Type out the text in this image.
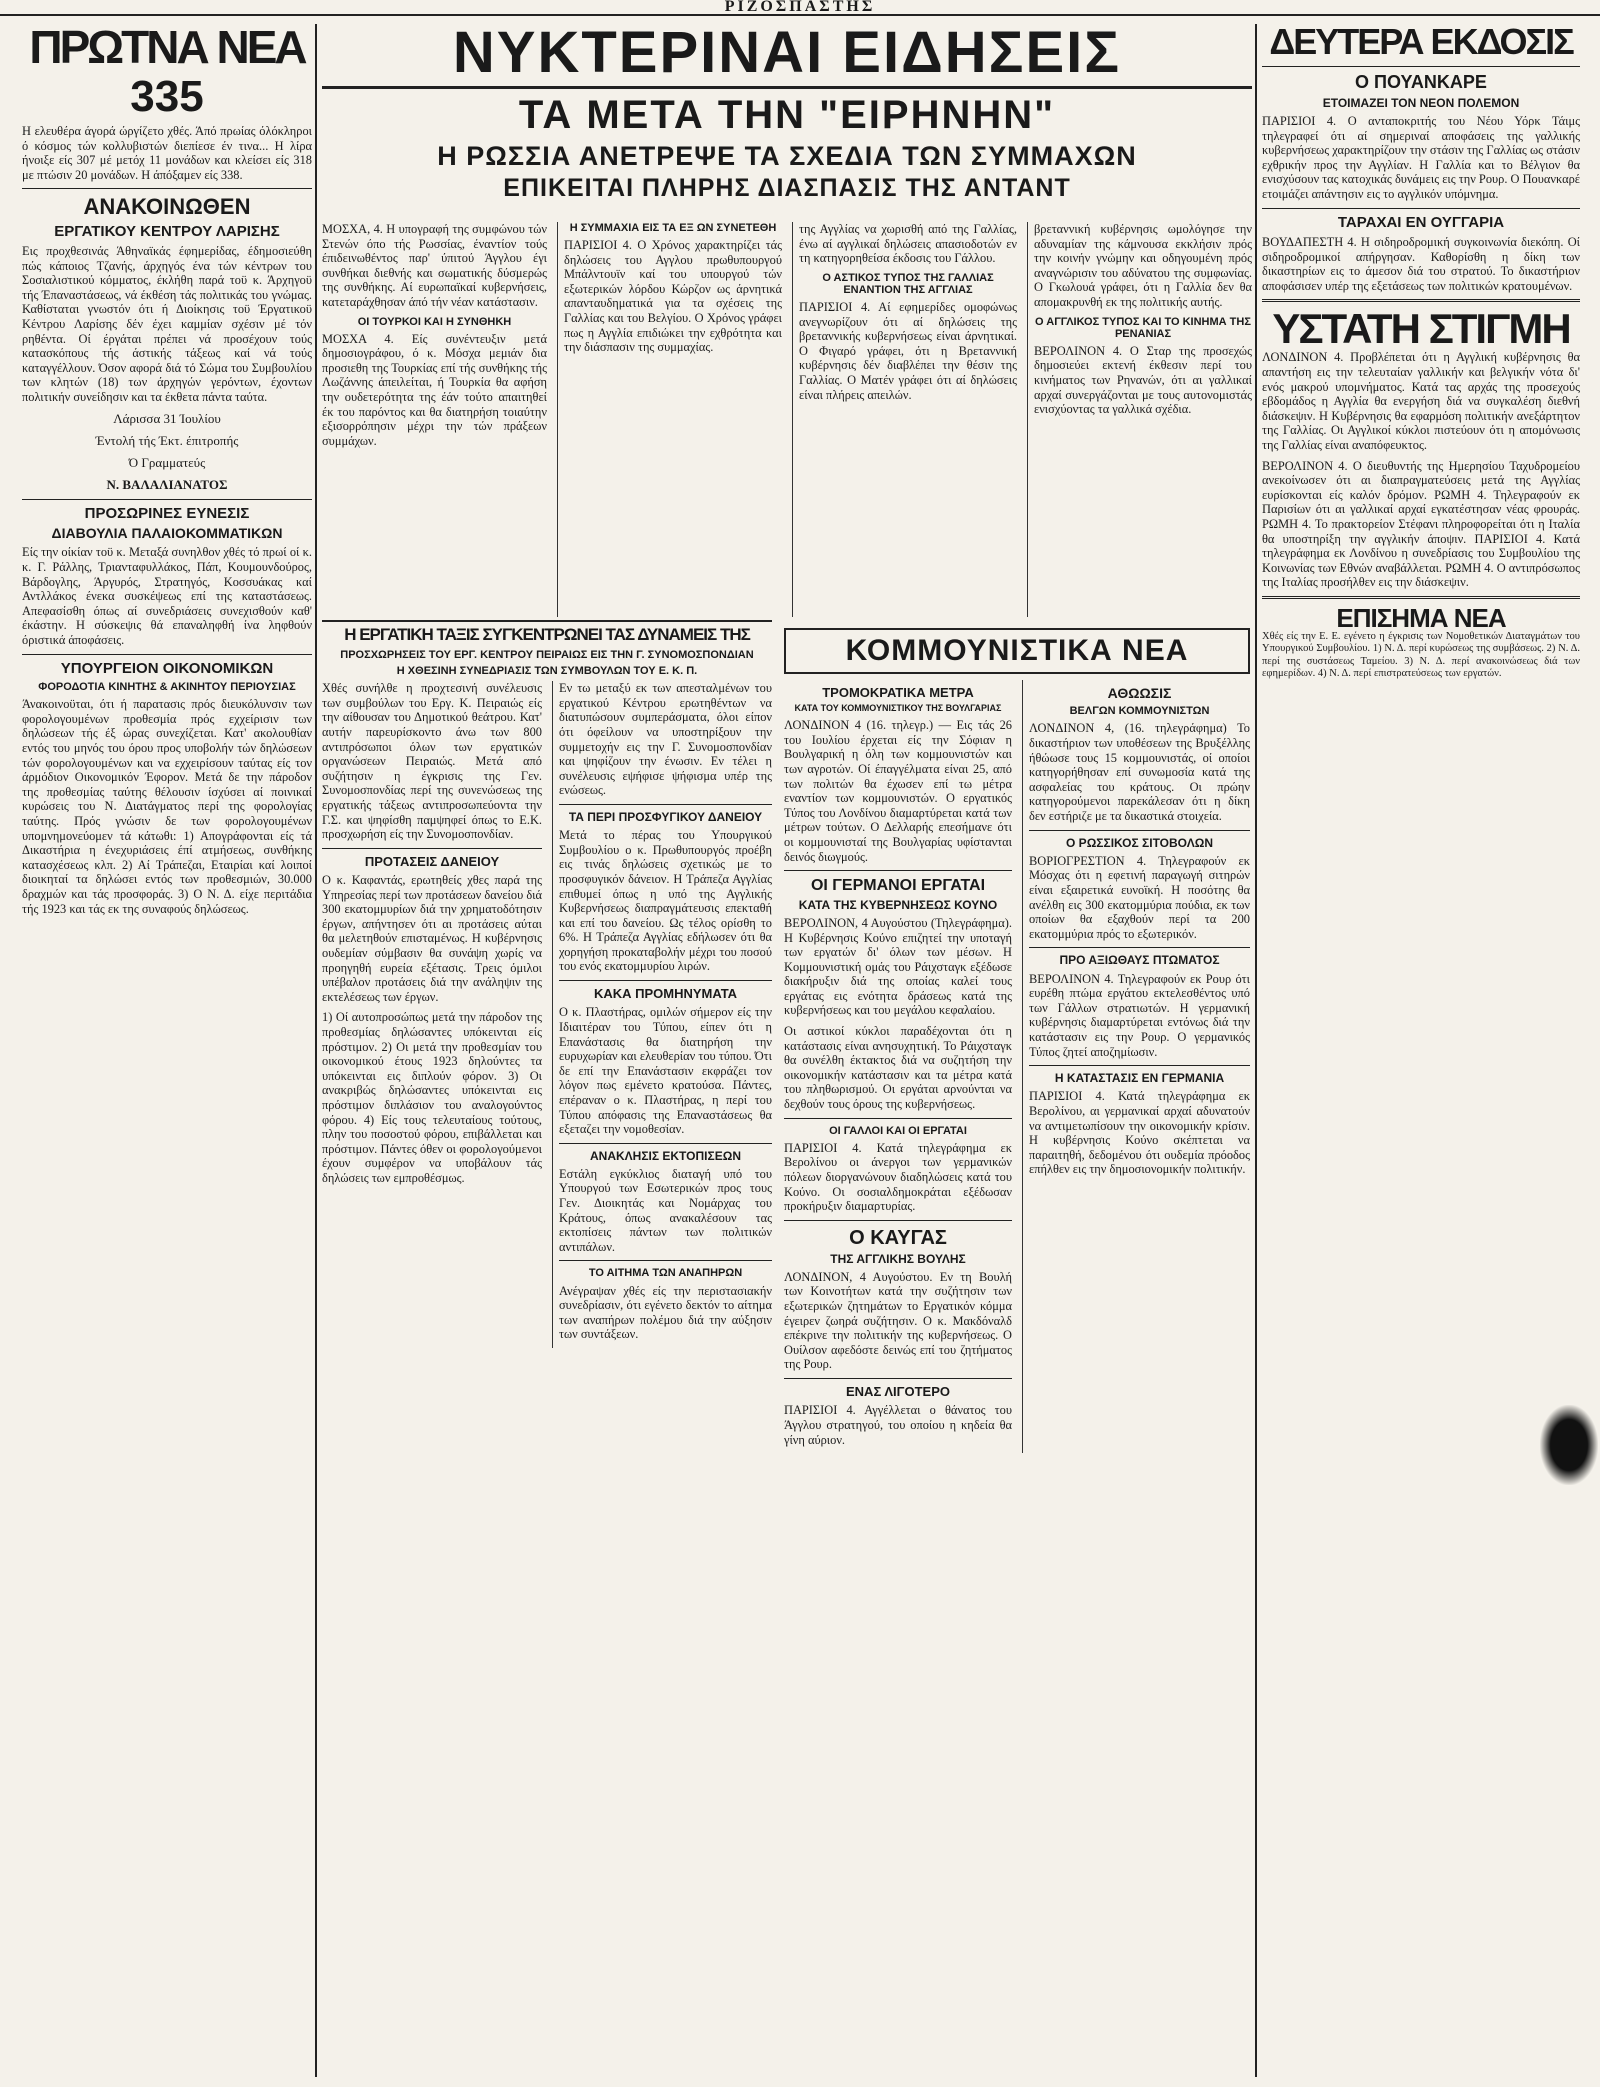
ΡΙΖΟΣΠΑΣΤΗΣ
ΠΡΩΤΝΑ ΝΕΑ
335

Η ελευθέρα άγορά ώργίζετο χθές. Άπό πρωίας όλόκληροι ό κόσμος τών κολλυβιστών διεπίεσε έν τινα... Η λίρα ήνοιξε είς 307 μέ μετόχ 11 μονάδων και κλείσει είς 318 με πτώσιν 20 μονάδων. Η άπόξαμεν είς 338.

ΑΝΑΚΟΙΝΩΘΕΝ
ΕΡΓΑΤΙΚΟΥ ΚΕΝΤΡΟΥ ΛΑΡΙΣΗΣ

Εις προχθεσινάς Άθηναϊκάς έφημερίδας, έδημοσιεύθη πώς κάποιος Τζανής, άρχηγός ένα τών κέντρων του Σοσιαλιστικού κόμματος, έκλήθη παρά τοϋ κ. Άρχηγοϋ τής Έπαναστάσεως, νά έκθέση τάς πολιτικάς του γνώμας. Καθίσταται γνωστόν ότι ή Διοίκησις τοϋ Έργατικοϋ Κέντρου Λαρίσης δέν έχει καμμίαν σχέσιν μέ τόν ρηθέντα. Οί έργάται πρέπει νά προσέχουν τούς κατασκόπους τής άστικής τάξεως καί νά τούς καταγγέλλουν. Όσον αφορά διά τό Σώμα του Συμβουλίου των κλητών (18) των άρχηγών γερόντων, έχοντων πολιτικήν συνείδησιν και τα έκθετα πάντα ταύτα.

Λάρισσα 31 Ίουλίου
Έντολή τής Έκτ. έπιτροπής
Ό Γραμματεύς
Ν. ΒΑΛΑΛΙΑΝΑΤΟΣ
ΠΡΟΣΩΡΙΝΕΣ ΕΥΝΕΣΙΣ
ΔΙΑΒΟΥΛΙΑ ΠΑΛΑΙΟΚΟΜΜΑΤΙΚΩΝ

Είς την οίκίαν τοϋ κ. Μεταξά συνηλθον χθές τό πρωί οί κ. κ. Γ. Ράλλης, Τριανταφυλλάκος, Πάπ, Κουμουνδούρος, Βάρδογλης, Άργυρός, Στρατηγός, Κοσσυάκας καί Αντλλάκος ένεκα συσκέψεως επί της καταστάσεως. Απεφασίσθη όπως αί συνεδριάσεις συνεχισθούν καθ' έκάστην. Η σύσκεψις θά επαναληφθή ίνα ληφθούν όριστικά άποφάσεις.

ΥΠΟΥΡΓΕΙΟΝ ΟΙΚΟΝΟΜΙΚΩΝ
ΦΟΡΟΔΟΤΙΑ ΚΙΝΗΤΗΣ & ΑΚΙΝΗΤΟΥ ΠΕΡΙΟΥΣΙΑΣ

Άνακοινοϋται, ότι ή παρατασις πρός διευκόλυνσιν των φορολογουμένων προθεσμία πρός εχχείρισιν των δηλώσεων τής έξ ώρας συνεχίζεται. Κατ' ακολουθίαν εντός του μηνός του όρου προς υποβολήν τών δηλώσεων τών φορολογουμένων και να εχχειρίσουν ταύτας είς τον άρμόδιον Οικονομικόν Έφορον. Μετά δε την πάροδον της προθεσμίας ταύτης θέλουσιν ίσχύσει αί ποινικαί κυρώσεις του Ν. Διατάγματος περί της φορολογίας ταύτης. Πρός γνώσιν δε των φορολογουμένων υπομνημονεύομεν τά κάτωθι: 1) Απογράφονται είς τά Δικαστήρια η ένεχυριάσεις έπί ατμήσεως, συνθήκης κατασχέσεως κλπ. 2) Αί Τράπεζαι, Εταιρίαι καί λοιποί διοικηταί τα δηλώσει εντός των προθεσμιών, 30.000 δραχμών και τάς προσφοράς. 3) Ο Ν. Δ. είχε περιτάδια τής 1923 και τάς εκ της συναφούς δηλώσεως.

ΝΥΚΤΕΡΙΝΑΙ ΕΙΔΗΣΕΙΣ
ΤΑ ΜΕΤΑ ΤΗΝ "ΕΙΡΗΝΗΝ"
Η ΡΩΣΣΙΑ ΑΝΕΤΡΕΨΕ ΤΑ ΣΧΕΔΙΑ ΤΩΝ ΣΥΜΜΑΧΩΝ
ΕΠΙΚΕΙΤΑΙ ΠΛΗΡΗΣ ΔΙΑΣΠΑΣΙΣ ΤΗΣ ΑΝΤΑΝΤ

ΜΟΣΧΑ, 4. Η υπογραφή της συμφώνου τών Στενών όπο τής Ρωσσίας, έναντίον τούς έπιδεινωθέντος παρ' ύπιτού Άγγλου έγι συνθήκαι διεθνής και σωματικής δύσμερώς της συνθήκης. Αί ευρωπαϊκαί κυβερνήσεις, κατεταράχθησαν άπό τήν νέαν κατάστασιν.

ΟΙ ΤΟΥΡΚΟΙ ΚΑΙ Η ΣΥΝΘΗΚΗ

ΜΟΣΧΑ 4. Είς συνέντευξιν μετά δημοσιογράφου, ό κ. Μόσχα μεμιάν δια προσιεθη της Τουρκίας επί τής συνθήκης τής Λωζάννης άπειλείται, ή Τουρκία θα αφήση την ουδετερότητα της έάν τούτο απαιτηθεί έκ του παρόντος και θα διατηρήση τοιαύτην εξισορρόπησιν μέχρι την τών πράξεων συμμάχων.

Η ΣΥΜΜΑΧΙΑ ΕΙΣ ΤΑ ΕΞ ΩΝ ΣΥΝΕΤΕΘΗ

ΠΑΡΙΣΙΟΙ 4. Ο Χρόνος χαρακτηρίζει τάς δηλώσεις του Αγγλου πρωθυπουργού Μπάλντουϊν καί του υπουργού τών εξωτερικών λόρδου Κώρζον ως άρνητικά απανταυδηματικά για τα σχέσεις της Γαλλίας και του Βελγίου. Ο Χρόνος γράφει πως η Αγγλία επιδιώκει την εχθρότητα και την διάσπασιν της συμμαχίας.

της Αγγλίας να χωρισθή από της Γαλλίας, ένω αί αγγλικαί δηλώσεις απασιοδοτών εν τη κατηγορηθείσα έκδοσις του Γάλλου.

Ο ΑΣΤΙΚΟΣ ΤΥΠΟΣ ΤΗΣ ΓΑΛΛΙΑΣ ΕΝΑΝΤΙΟΝ ΤΗΣ ΑΓΓΛΙΑΣ

ΠΑΡΙΣΙΟΙ 4. Αί εφημερίδες ομοφώνως ανεγνωρίζουν ότι αί δηλώσεις της βρεταννικής κυβερνήσεως είναι άρνητικαί. Ο Φιγαρό γράφει, ότι η Βρεταννική κυβέρνησις δέν διαβλέπει την θέσιν της Γαλλίας. Ο Ματέν γράφει ότι αί δηλώσεις είναι πλήρεις απειλών.

βρεταννική κυβέρνησις ωμολόγησε την αδυναμίαν της κάμνουσα εκκλήσιν πρός την κοινήν γνώμην και οδηγουμένη πρός αναγνώρισιν του αδύνατου της συμφωνίας. Ο Γκωλουά γράφει, ότι η Γαλλία δεν θα απομακρυνθή εκ της πολιτικής αυτής.

Ο ΑΓΓΛΙΚΟΣ ΤΥΠΟΣ ΚΑΙ ΤΟ ΚΙΝΗΜΑ ΤΗΣ ΡΕΝΑΝΙΑΣ

ΒΕΡΟΛΙΝΟΝ 4. Ο Σταρ της προσεχώς δημοσιεύει εκτενή έκθεσιν περί του κινήματος των Ρηνανών, ότι αι γαλλικαί αρχαί συνεργάζονται με τους αυτονομιστάς ενισχύοντας τα γαλλικά σχέδια.

Η ΕΡΓΑΤΙΚΗ ΤΑΞΙΣ ΣΥΓΚΕΝΤΡΩΝΕΙ ΤΑΣ ΔΥΝΑΜΕΙΣ ΤΗΣ
ΠΡΟΣΧΩΡΗΣΕΙΣ ΤΟΥ ΕΡΓ. ΚΕΝΤΡΟΥ ΠΕΙΡΑΙΩΣ ΕΙΣ ΤΗΝ Γ. ΣΥΝΟΜΟΣΠΟΝΔΙΑΝ
Η ΧΘΕΣΙΝΗ ΣΥΝΕΔΡΙΑΣΙΣ ΤΩΝ ΣΥΜΒΟΥΛΩΝ ΤΟΥ Ε. Κ. Π.

Χθές συνήλθε η προχτεσινή συνέλευσις των συμβούλων του Εργ. Κ. Πειραιώς είς την αίθουσαν του Δημοτικού θεάτρου. Κατ' αυτήν παρευρίσκοντο άνω των 800 αντιπρόσωποι όλων των εργατικών οργανώσεων Πειραιώς. Μετά από συζήτησιν η έγκρισις της Γεν. Συνομοσπονδίας περί της συνενώσεως της εργατικής τάξεως αντιπροσωπεύοντα την Γ.Σ. και ψηφίσθη παμψηφεί όπως το Ε.Κ. προσχωρήση είς την Συνομοσπονδίαν.

ΠΡΟΤΑΣΕΙΣ ΔΑΝΕΙΟΥ

Ο κ. Καφαντάς, ερωτηθείς χθες παρά της Υπηρεσίας περί των προτάσεων δανείου διά 300 εκατομμυρίων διά την χρηματοδότησιν έργων, απήντησεν ότι αι προτάσεις αύται θα μελετηθούν επισταμένως. Η κυβέρνησις ουδεμίαν σύμβασιν θα συνάψη χωρίς να προηγηθή ευρεία εξέτασις. Τρεις όμιλοι υπέβαλον προτάσεις διά την ανάληψιν της εκτελέσεως των έργων.

1) Οί αυτοπροσώπως μετά την πάροδον της προθεσμίας δηλώσαντες υπόκεινται είς πρόστιμον. 2) Οι μετά την προθεσμίαν του οικονομικού έτους 1923 δηλούντες τα υπόκεινται εις διπλούν φόρον. 3) Οι ανακριβώς δηλώσαντες υπόκεινται εις πρόστιμον διπλάσιον του αναλογούντος φόρου. 4) Είς τους τελευταίους τούτους, πλην του ποσοστού φόρου, επιβάλλεται και πρόστιμον. Πάντες όθεν οι φορολογούμενοι έχουν συμφέρον να υποβάλουν τάς δηλώσεις των εμπροθέσμως.

Εν τω μεταξύ εκ των απεσταλμένων του εργατικού Κέντρου ερωτηθέντων να διατυπώσουν συμπεράσματα, όλοι είπον ότι όφείλουν να υποστηρίξουν την συμμετοχήν εις την Γ. Συνομοσπονδίαν και ψηφίζουν την ένωσιν. Εν τέλει η συνέλευσις εψήφισε ψήφισμα υπέρ της ενώσεως.

ΤΑ ΠΕΡΙ ΠΡΟΣΦΥΓΙΚΟΥ ΔΑΝΕΙΟΥ

Μετά το πέρας του Υπουργικού Συμβουλίου ο κ. Πρωθυπουργός προέβη εις τινάς δηλώσεις σχετικώς με το προσφυγικόν δάνειον. Η Τράπεζα Αγγλίας επιθυμεί όπως η υπό της Αγγλικής Κυβερνήσεως διαπραγμάτευσις επεκταθή και επί του δανείου. Ως τέλος ορίσθη το 6%. Η Τράπεζα Αγγλίας εδήλωσεν ότι θα χορηγήση προκαταβολήν μέχρι του ποσού του ενός εκατομμυρίου λιρών.

ΚΑΚΑ ΠΡΟΜΗΝΥΜΑΤΑ

Ο κ. Πλαστήρας, ομιλών σήμερον είς την Ιδιαιτέραν του Τύπου, είπεν ότι η Επανάστασις θα διατηρήση την ευρυχωρίαν και ελευθερίαν του τύπου. Ότι δε επί την Επανάστασιν εκφράζει τον λόγον πως εμένετο κρατούσα. Πάντες, επέραναν ο κ. Πλαστήρας, η περί του Τύπου απόφασις της Επαναστάσεως θα εξεταζει την νομοθεσίαν.

ΑΝΑΚΛΗΣΙΣ ΕΚΤΟΠΙΣΕΩΝ

Εστάλη εγκύκλιος διαταγή υπό του Υπουργού των Εσωτερικών προς τους Γεν. Διοικητάς και Νομάρχας του Κράτους, όπως ανακαλέσουν τας εκτοπίσεις πάντων των πολιτικών αντιπάλων.

ΤΟ ΑΙΤΗΜΑ ΤΩΝ ΑΝΑΠΗΡΩΝ

Ανέγραψαν χθές είς την περιστασιακήν συνεδρίασιν, ότι εγένετο δεκτόν το αίτημα των αναπήρων πολέμου διά την αύξησιν των συντάξεων.

ΚΟΜΜΟΥΝΙΣΤΙΚΑ ΝΕΑ
ΤΡΟΜΟΚΡΑΤΙΚΑ ΜΕΤΡΑ
ΚΑΤΑ ΤΟΥ ΚΟΜΜΟΥΝΙΣΤΙΚΟΥ ΤΗΣ ΒΟΥΛΓΑΡΙΑΣ

ΛΟΝΔΙΝΟΝ 4 (16. τηλεγρ.) — Εις τάς 26 του Ιουλίου έρχεται είς την Σόφιαν η Βουλγαρική η όλη των κομμουνιστών και των αγροτών. Οί έπαγγέλματα είναι 25, από των πολιτών θα έχωσεν επί τω μέτρα εναντίον των κομμουνιστών. Ο εργατικός Τύπος του Λονδίνου διαμαρτύρεται κατά των μέτρων τούτων. Ο Δελλαρής επεσήμανε ότι οι κομμουνισταί της Βουλγαρίας υφίστανται δεινός διωγμούς.

ΟΙ ΓΕΡΜΑΝΟΙ ΕΡΓΑΤΑΙ
ΚΑΤΑ ΤΗΣ ΚΥΒΕΡΝΗΣΕΩΣ ΚΟΥΝΟ

ΒΕΡΟΛΙΝΟΝ, 4 Αυγούστου (Τηλεγράφημα). Η Κυβέρνησις Κούνο επιζητεί την υποταγή των εργατών δι' όλων των μέσων. Η Κομμουνιστική ομάς του Ράιχσταγκ εξέδωσε διακήρυξιν διά της οποίας καλεί τους εργάτας εις ενότητα δράσεως κατά της κυβερνήσεως και του μεγάλου κεφαλαίου.

Οι αστικοί κύκλοι παραδέχονται ότι η κατάστασις είναι ανησυχητική. Το Ράιχσταγκ θα συνέλθη έκτακτος διά να συζητήση την οικονομικήν κατάστασιν και τα μέτρα κατά του πληθωρισμού. Οι εργάται αρνούνται να δεχθούν τους όρους της κυβερνήσεως.

ΟΙ ΓΑΛΛΟΙ ΚΑΙ ΟΙ ΕΡΓΑΤΑΙ

ΠΑΡΙΣΙΟΙ 4. Κατά τηλεγράφημα εκ Βερολίνου οι άνεργοι των γερμανικών πόλεων διοργανώνουν διαδηλώσεις κατά του Κούνο. Οι σοσιαλδημοκράται εξέδωσαν προκήρυξιν διαμαρτυρίας.

Ο ΚΑΥΓΑΣ
ΤΗΣ ΑΓΓΛΙΚΗΣ ΒΟΥΛΗΣ

ΛΟΝΔΙΝΟΝ, 4 Αυγούστου. Εν τη Βουλή των Κοινοτήτων κατά την συζήτησιν των εξωτερικών ζητημάτων το Εργατικόν κόμμα έγειρεν ζωηρά συζήτησιν. Ο κ. Μακδόναλδ επέκρινε την πολιτικήν της κυβερνήσεως. Ο Ουίλσον αφεδόστε δεινώς επί του ζητήματος της Ρουρ.

ΕΝΑΣ ΛΙΓΟΤΕΡΟ

ΠΑΡΙΣΙΟΙ 4. Αγγέλλεται ο θάνατος του Άγγλου στρατηγού, του οποίου η κηδεία θα γίνη αύριον.

ΑΘΩΩΣΙΣ
ΒΕΛΓΩΝ ΚΟΜΜΟΥΝΙΣΤΩΝ

ΛΟΝΔΙΝΟΝ 4, (16. τηλεγράφημα) Το δικαστήριον των υποθέσεων της Βρυξέλλης ήθώωσε τους 15 κομμουνιστάς, οί οποίοι κατηγορήθησαν επί συνωμοσία κατά της ασφαλείας του κράτους. Οι πρώην κατηγορούμενοι παρεκάλεσαν ότι η δίκη δεν εστήριζε με τα δικαστικά στοιχεία.

Ο ΡΩΣΣΙΚΟΣ ΣΙΤΟΒΟΛΩΝ

ΒΟΡΙΟΓΡΕΣΤΙΟΝ 4. Τηλεγραφούν εκ Μόσχας ότι η εφετινή παραγωγή σιτηρών είναι εξαιρετικά ευνοϊκή. Η ποσότης θα ανέλθη εις 300 εκατομμύρια πούδια, εκ των οποίων θα εξαχθούν περί τα 200 εκατομμύρια πρός το εξωτερικόν.

ΠΡΟ ΑΞΙΩΘΑΥΣ ΠΤΩΜΑΤΟΣ

ΒΕΡΟΛΙΝΟΝ 4. Τηλεγραφούν εκ Ρουρ ότι ευρέθη πτώμα εργάτου εκτελεσθέντος υπό των Γάλλων στρατιωτών. Η γερμανική κυβέρνησις διαμαρτύρεται εντόνως διά την κατάστασιν εις την Ρουρ. Ο γερμανικός Τύπος ζητεί αποζημίωσιν.

Η ΚΑΤΑΣΤΑΣΙΣ ΕΝ ΓΕΡΜΑΝΙΑ

ΠΑΡΙΣΙΟΙ 4. Κατά τηλεγράφημα εκ Βερολίνου, αι γερμανικαί αρχαί αδυνατούν να αντιμετωπίσουν την οικονομικήν κρίσιν. Η κυβέρνησις Κούνο σκέπτεται να παραιτηθή, δεδομένου ότι ουδεμία πρόοδος επήλθεν εις την δημοσιονομικήν πολιτικήν.

ΔΕΥΤΕΡΑ ΕΚΔΟΣΙΣ
Ο ΠΟΥΑΝΚΑΡΕ
ΕΤΟΙΜΑΖΕΙ ΤΟΝ ΝΕΟΝ ΠΟΛΕΜΟΝ

ΠΑΡΙΣΙΟΙ 4. Ο ανταποκριτής του Νέου Υόρκ Τάιμς τηλεγραφεί ότι αί σημεριναί αποφάσεις της γαλλικής κυβερνήσεως χαρακτηρίζουν την στάσιν της Γαλλίας ως στάσιν εχθρικήν προς την Αγγλίαν. Η Γαλλία και το Βέλγιον θα ενισχύσουν τας κατοχικάς δυνάμεις εις την Ρουρ. Ο Πουανκαρέ ετοιμάζει απάντησιν εις το αγγλικόν υπόμνημα.

ΤΑΡΑΧΑΙ ΕΝ ΟΥΓΓΑΡΙΑ

ΒΟΥΔΑΠΕΣΤΗ 4. Η σιδηροδρομική συγκοινωνία διεκόπη. Οί σιδηροδρομικοί απήργησαν. Καθορίσθη η δίκη των δικαστηρίων εις το άμεσον διά του στρατού. Το δικαστήριον αποφάσισεν υπέρ της εξετάσεως των πολιτικών κρατουμένων.

ΥΣΤΑΤΗ ΣΤΙΓΜΗ

ΛΟΝΔΙΝΟΝ 4. Προβλέπεται ότι η Αγγλική κυβέρνησις θα απαντήση εις την τελευταίαν γαλλικήν και βελγικήν νότα δι' ενός μακρού υπομνήματος. Κατά τας αρχάς της προσεχούς εβδομάδος η Αγγλία θα ενεργήση διά να συγκαλέση διεθνή διάσκεψιν. Η Κυβέρνησις θα εφαρμόση πολιτικήν ανεξάρτητον της Γαλλίας. Οι Αγγλικοί κύκλοι πιστεύουν ότι η απομόνωσις της Γαλλίας είναι αναπόφευκτος.

ΒΕΡΟΛΙΝΟΝ 4. Ο διευθυντής της Ημερησίου Ταχυδρομείου ανεκοίνωσεν ότι αι διαπραγματεύσεις μετά της Αγγλίας ευρίσκονται είς καλόν δρόμον. ΡΩΜΗ 4. Τηλεγραφούν εκ Παρισίων ότι αι γαλλικαί αρχαί εγκατέστησαν νέας φρουράς. ΡΩΜΗ 4. Το πρακτορείον Στέφανι πληροφορείται ότι η Ιταλία θα υποστηρίξη την αγγλικήν άποψιν. ΠΑΡΙΣΙΟΙ 4. Κατά τηλεγράφημα εκ Λονδίνου η συνεδρίασις του Συμβουλίου της Κοινωνίας των Εθνών αναβάλλεται. ΡΩΜΗ 4. Ο αντιπρόσωπος της Ιταλίας προσήλθεν εις την διάσκεψιν.

ΕΠΙΣΗΜΑ ΝΕΑ

Χθές είς την Ε. Ε. εγένετο η έγκρισις των Νομοθετικών Διαταγμάτων του Υπουργικού Συμβουλίου. 1) Ν. Δ. περί κυρώσεως της συμβάσεως. 2) Ν. Δ. περί της συστάσεως Ταμείου. 3) Ν. Δ. περί ανακοινώσεως διά των εφημερίδων. 4) Ν. Δ. περί επιστρατεύσεως των εργατών.
